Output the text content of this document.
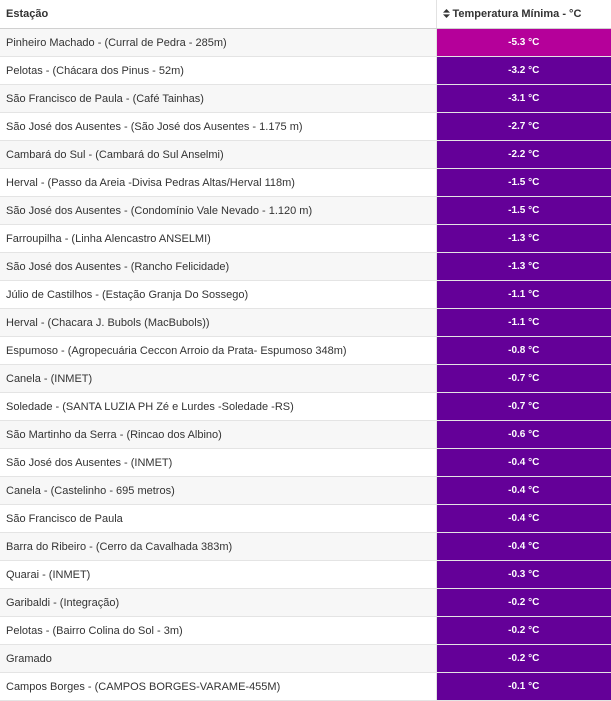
Estação	Temperatura Mínima - °C
Pinheiro Machado - (Curral de Pedra - 285m)	-5.3 °C
Pelotas - (Chácara dos Pinus - 52m)	-3.2 °C
São Francisco de Paula - (Café Tainhas)	-3.1 °C
São José dos Ausentes - (São José dos Ausentes - 1.175 m)	-2.7 °C
Cambará do Sul - (Cambará do Sul Anselmi)	-2.2 °C
Herval - (Passo da Areia -Divisa Pedras Altas/Herval 118m)	-1.5 °C
São José dos Ausentes - (Condomínio Vale Nevado - 1.120 m)	-1.5 °C
Farroupilha - (Linha Alencastro ANSELMI)	-1.3 °C
São José dos Ausentes - (Rancho Felicidade)	-1.3 °C
Júlio de Castilhos - (Estação Granja Do Sossego)	-1.1 °C
Herval - (Chacara J. Bubols (MacBubols))	-1.1 °C
Espumoso - (Agropecuária Ceccon Arroio da Prata- Espumoso 348m)	-0.8 °C
Canela - (INMET)	-0.7 °C
Soledade - (SANTA LUZIA PH Zé e Lurdes -Soledade -RS)	-0.7 °C
São Martinho da Serra - (Rincao dos Albino)	-0.6 °C
São José dos Ausentes - (INMET)	-0.4 °C
Canela - (Castelinho - 695 metros)	-0.4 °C
São Francisco de Paula	-0.4 °C
Barra do Ribeiro - (Cerro da Cavalhada 383m)	-0.4 °C
Quarai - (INMET)	-0.3 °C
Garibaldi - (Integração)	-0.2 °C
Pelotas - (Bairro Colina do Sol - 3m)	-0.2 °C
Gramado	-0.2 °C
Campos Borges - (CAMPOS BORGES-VARAME-455M)	-0.1 °C
